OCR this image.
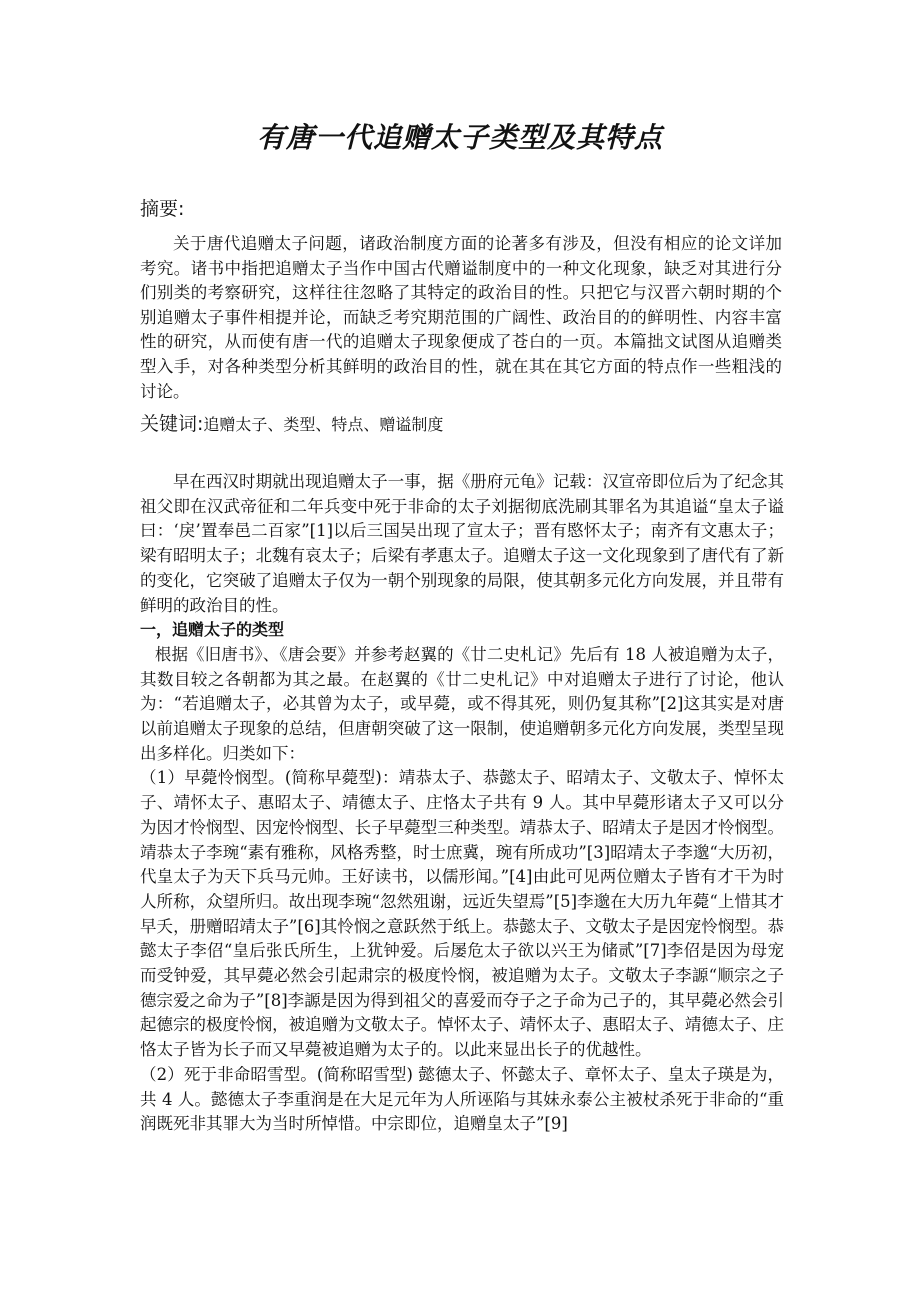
有唐一代追赠太子类型及其特点
摘要:

关于唐代追赠太子问题，诸政治制度方面的论著多有涉及，但没有相应的论文详加考究。诸书中指把追赠太子当作中国古代赠谥制度中的一种文化现象，缺乏对其进行分们别类的考察研究，这样往往忽略了其特定的政治目的性。只把它与汉晋六朝时期的个别追赠太子事件相提并论，而缺乏考究期范围的广阔性、政治目的的鲜明性、内容丰富性的研究，从而使有唐一代的追赠太子现象便成了苍白的一页。本篇拙文试图从追赠类型入手，对各种类型分析其鲜明的政治目的性，就在其在其它方面的特点作一些粗浅的讨论。

关键词:追赠太子、类型、特点、赠谥制度

早在西汉时期就出现追赠太子一事，据《册府元龟》记载：汉宣帝即位后为了纪念其祖父即在汉武帝征和二年兵变中死于非命的太子刘据彻底洗刷其罪名为其追谥“皇太子谥曰：‘戾’置奉邑二百家”[1]以后三国吴出现了宣太子；晋有愍怀太子；南齐有文惠太子；梁有昭明太子；北魏有哀太子；后梁有孝惠太子。追赠太子这一文化现象到了唐代有了新的变化，它突破了追赠太子仅为一朝个别现象的局限，使其朝多元化方向发展，并且带有鲜明的政治目的性。

一，追赠太子的类型

根据《旧唐书》、《唐会要》并参考赵翼的《廿二史札记》先后有 18 人被追赠为太子，其数目较之各朝都为其之最。在赵翼的《廿二史札记》中对追赠太子进行了讨论，他认为：“若追赠太子，必其曾为太子，或早薨，或不得其死，则仍复其称”[2]这其实是对唐以前追赠太子现象的总结，但唐朝突破了这一限制，使追赠朝多元化方向发展，类型呈现出多样化。归类如下：

（1）早薨怜悯型。(简称早薨型)：靖恭太子、恭懿太子、昭靖太子、文敬太子、悼怀太子、靖怀太子、惠昭太子、靖德太子、庄恪太子共有 9 人。其中早薨形诸太子又可以分为因才怜悯型、因宠怜悯型、长子早薨型三种类型。靖恭太子、昭靖太子是因才怜悯型。靖恭太子李琬“素有雅称，风格秀整，时士庶冀，琬有所成功”[3]昭靖太子李邈“大历初，代皇太子为天下兵马元帅。王好读书，以儒形闻。”[4]由此可见两位赠太子皆有才干为时人所称，众望所归。故出现李琬“忽然殂谢，远近失望焉”[5]李邈在大历九年薨“上惜其才早夭，册赠昭靖太子”[6]其怜悯之意跃然于纸上。恭懿太子、文敬太子是因宠怜悯型。恭懿太子李佋“皇后张氏所生，上犹钟爱。后屡危太子欲以兴王为储贰”[7]李佋是因为母宠而受钟爱，其早薨必然会引起肃宗的极度怜悯，被追赠为太子。文敬太子李謜“顺宗之子德宗爱之命为子”[8]李謜是因为得到祖父的喜爱而夺子之子命为己子的，其早薨必然会引起德宗的极度怜悯，被追赠为文敬太子。悼怀太子、靖怀太子、惠昭太子、靖德太子、庄恪太子皆为长子而又早薨被追赠为太子的。以此来显出长子的优越性。

（2）死于非命昭雪型。(简称昭雪型) 懿德太子、怀懿太子、章怀太子、皇太子瑛是为，共 4 人。懿德太子李重润是在大足元年为人所诬陷与其妹永泰公主被杖杀死于非命的“重润既死非其罪大为当时所悼惜。中宗即位，追赠皇太子”[9]
